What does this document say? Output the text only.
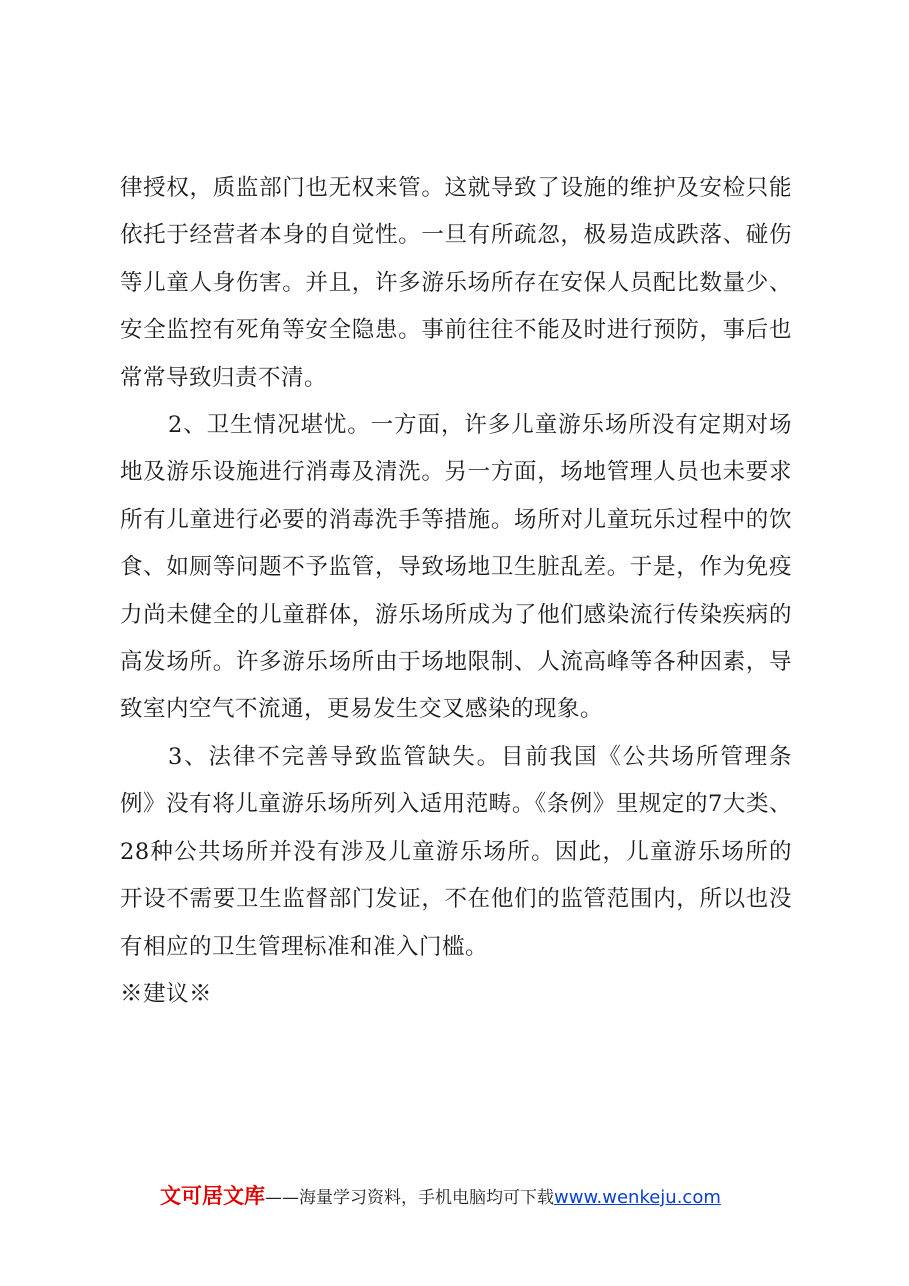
律授权，质监部门也无权来管。这就导致了设施的维护及安检只能依托于经营者本身的自觉性。一旦有所疏忽，极易造成跌落、碰伤等儿童人身伤害。并且，许多游乐场所存在安保人员配比数量少、安全监控有死角等安全隐患。事前往往不能及时进行预防，事后也常常导致归责不清。

2、卫生情况堪忧。一方面，许多儿童游乐场所没有定期对场地及游乐设施进行消毒及清洗。另一方面，场地管理人员也未要求所有儿童进行必要的消毒洗手等措施。场所对儿童玩乐过程中的饮食、如厕等问题不予监管，导致场地卫生脏乱差。于是，作为免疫力尚未健全的儿童群体，游乐场所成为了他们感染流行传染疾病的高发场所。许多游乐场所由于场地限制、人流高峰等各种因素，导致室内空气不流通，更易发生交叉感染的现象。

3、法律不完善导致监管缺失。目前我国《公共场所管理条例》没有将儿童游乐场所列入适用范畴。《条例》里规定的7大类、28种公共场所并没有涉及儿童游乐场所。因此，儿童游乐场所的开设不需要卫生监督部门发证，不在他们的监管范围内，所以也没有相应的卫生管理标准和准入门槛。

※建议※

文可居文库 ——海量学习资料，手机电脑均可下载 www.wenkeju.com
